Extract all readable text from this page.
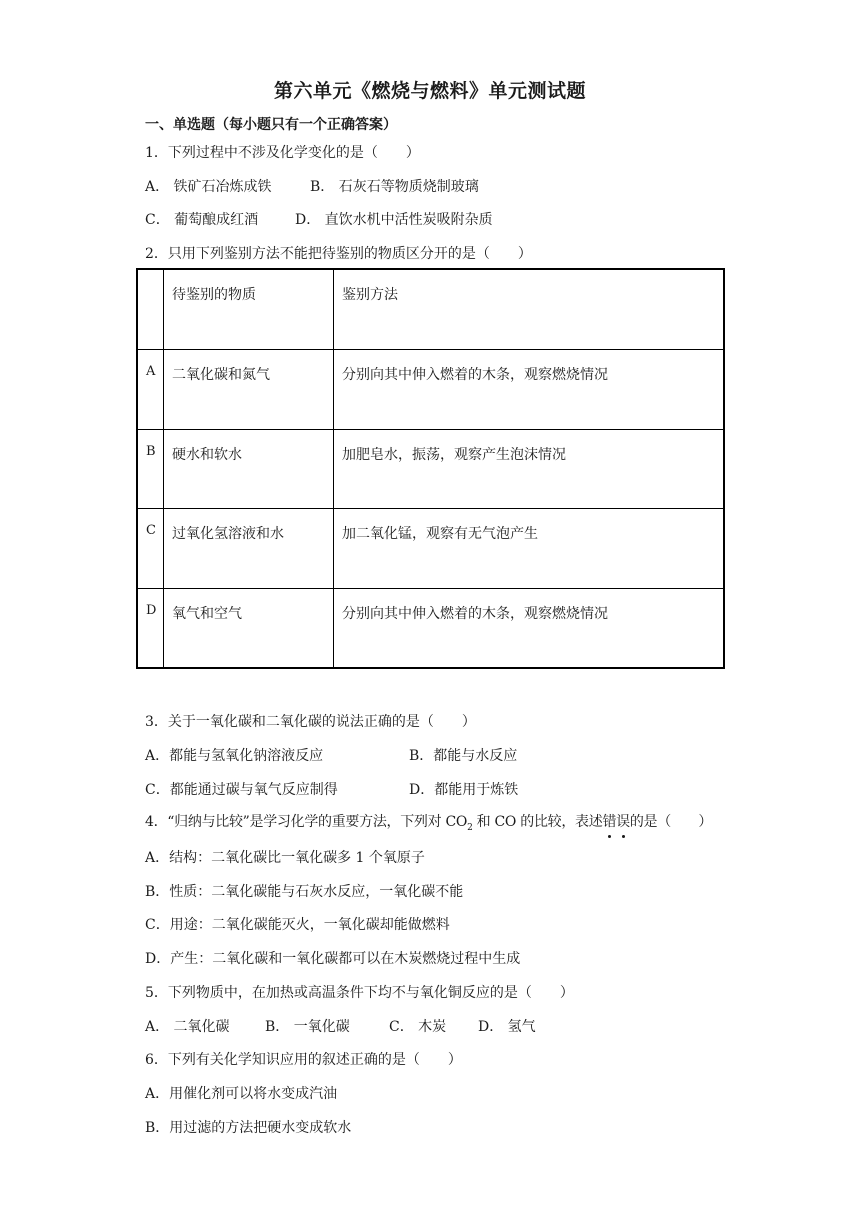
第六单元《燃烧与燃料》单元测试题
一、单选题（每小题只有一个正确答案）
1．下列过程中不涉及化学变化的是（　　）
A． 铁矿石冶炼成铁	B． 石灰石等物质烧制玻璃
C． 葡萄酿成红酒	D． 直饮水机中活性炭吸附杂质
2．只用下列鉴别方法不能把待鉴别的物质区分开的是（　　）
	待鉴别的物质	鉴别方法
A	二氧化碳和氮气	分别向其中伸入燃着的木条，观察燃烧情况
B	硬水和软水	加肥皂水，振荡，观察产生泡沫情况
C	过氧化氢溶液和水	加二氧化锰，观察有无气泡产生
D	氧气和空气	分别向其中伸入燃着的木条，观察燃烧情况
3．关于一氧化碳和二氧化碳的说法正确的是（　　）
A．都能与氢氧化钠溶液反应	B．都能与水反应
C．都能通过碳与氧气反应制得	D．都能用于炼铁
4．“归纳与比较”是学习化学的重要方法，下列对 $CO_2$ 和 CO 的比较，表述错误的是（　　）
A．结构：二氧化碳比一氧化碳多 1 个氧原子
B．性质：二氧化碳能与石灰水反应，一氧化碳不能
C．用途：二氧化碳能灭火，一氧化碳却能做燃料
D．产生：二氧化碳和一氧化碳都可以在木炭燃烧过程中生成
5．下列物质中，在加热或高温条件下均不与氧化铜反应的是（　　）
A． 二氧化碳	B． 一氧化碳	C． 木炭 D． 氢气
6．下列有关化学知识应用的叙述正确的是（　　）
A．用催化剂可以将水变成汽油
B．用过滤的方法把硬水变成软水
